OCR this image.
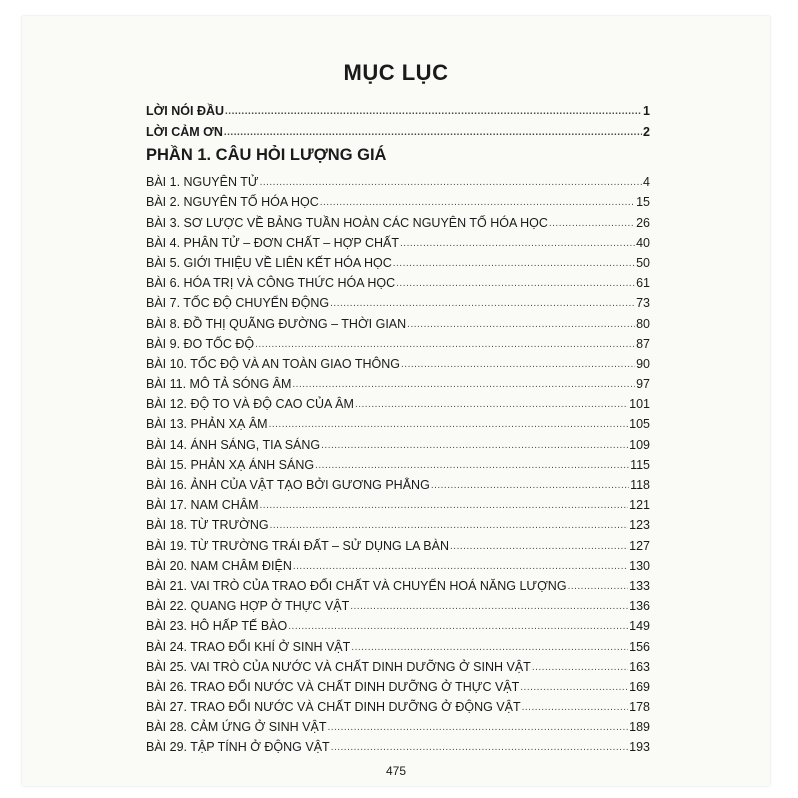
MỤC LỤC
LỜI NÓI ĐẦU .....	1
LỜI CẢM ƠN .....	2
PHẦN 1. CÂU HỎI LƯỢNG GIÁ
BÀI 1. NGUYÊN TỬ .....	4
BÀI 2. NGUYÊN TỐ HÓA HỌC .....	15
BÀI 3. SƠ LƯỢC VỀ BẢNG TUẦN HOÀN CÁC NGUYÊN TỐ HÓA HỌC .....	26
BÀI 4. PHÂN TỬ – ĐƠN CHẤT – HỢP CHẤT .....	40
BÀI 5. GIỚI THIỆU VỀ LIÊN KẾT HÓA HỌC .....	50
BÀI 6. HÓA TRỊ VÀ CÔNG THỨC HÓA HỌC .....	61
BÀI 7. TỐC ĐỘ CHUYỂN ĐỘNG .....	73
BÀI 8. ĐỒ THỊ QUÃNG ĐƯỜNG – THỜI GIAN .....	80
BÀI 9. ĐO TỐC ĐỘ .....	87
BÀI 10. TỐC ĐỘ VÀ AN TOÀN GIAO THÔNG .....	90
BÀI 11. MÔ TẢ SÓNG ÂM .....	97
BÀI 12. ĐỘ TO VÀ ĐỘ CAO CỦA ÂM .....	101
BÀI 13. PHẢN XẠ ÂM .....	105
BÀI 14. ÁNH SÁNG, TIA SÁNG .....	109
BÀI 15. PHẢN XẠ ÁNH SÁNG .....	115
BÀI 16. ẢNH CỦA VẬT TẠO BỞI GƯƠNG PHẲNG .....	118
BÀI 17. NAM CHÂM .....	121
BÀI 18. TỪ TRƯỜNG .....	123
BÀI 19. TỪ TRƯỜNG TRÁI ĐẤT – SỬ DỤNG LA BÀN .....	127
BÀI 20. NAM CHÂM ĐIỆN .....	130
BÀI 21. VAI TRÒ CỦA TRAO ĐỔI CHẤT VÀ CHUYỂN HOÁ NĂNG LƯỢNG .....	133
BÀI 22. QUANG HỢP Ở THỰC VẬT .....	136
BÀI 23. HÔ HẤP TẾ BÀO .....	149
BÀI 24. TRAO ĐỔI KHÍ Ở SINH VẬT .....	156
BÀI 25. VAI TRÒ CỦA NƯỚC VÀ CHẤT DINH DƯỠNG Ở SINH VẬT .....	163
BÀI 26. TRAO ĐỔI NƯỚC VÀ CHẤT DINH DƯỠNG Ở THỰC VẬT .....	169
BÀI 27. TRAO ĐỔI NƯỚC VÀ CHẤT DINH DƯỠNG Ở ĐỘNG VẬT .....	178
BÀI 28. CẢM ỨNG Ở SINH VẬT .....	189
BÀI 29. TẬP TÍNH Ở ĐỘNG VẬT .....	193
475
